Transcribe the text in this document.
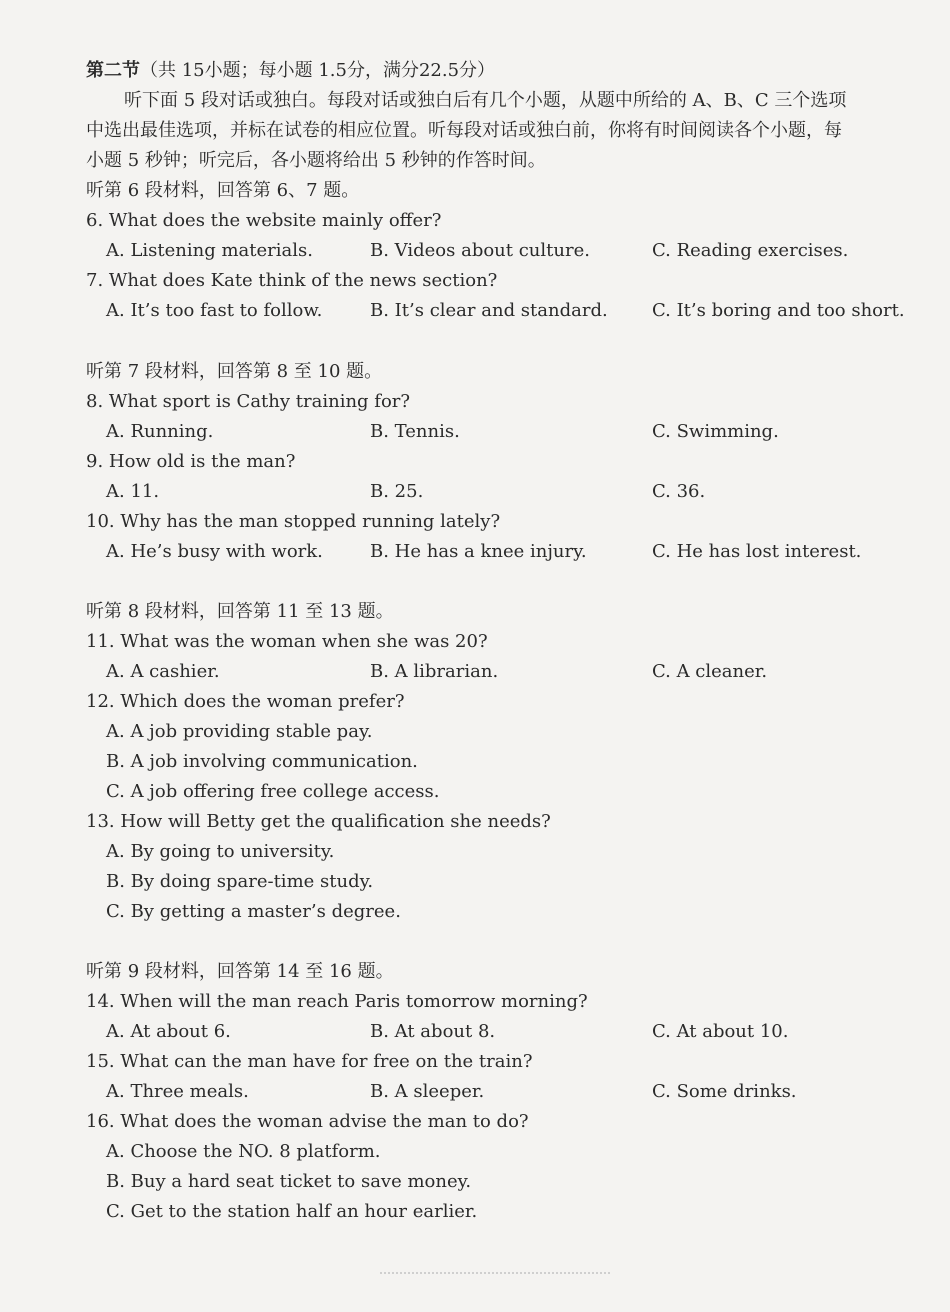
第二节（共 15小题；每小题 1.5分，满分22.5分）
听下面 5 段对话或独白。每段对话或独白后有几个小题，从题中所给的 A、B、C 三个选项
中选出最佳选项，并标在试卷的相应位置。听每段对话或独白前，你将有时间阅读各个小题，每
小题 5 秒钟；听完后，各小题将给出 5 秒钟的作答时间。
听第 6 段材料，回答第 6、7 题。
6. What does the website mainly offer?
A. Listening materials.	B. Videos about culture.	C. Reading exercises.
7. What does Kate think of the news section?
A. It’s too fast to follow.	B. It’s clear and standard. C. It’s boring and too short.
听第 7 段材料，回答第 8 至 10 题。
8. What sport is Cathy training for?
A. Running.	B. Tennis.	C. Swimming.
9. How old is the man?
A. 11.	B. 25.	C. 36.
10. Why has the man stopped running lately?
A. He’s busy with work.	B. He has a knee injury.	C. He has lost interest.
听第 8 段材料，回答第 11 至 13 题。
11. What was the woman when she was 20?
A. A cashier.	B. A librarian.	C. A cleaner.
12. Which does the woman prefer?
A. A job providing stable pay.
B. A job involving communication.
C. A job offering free college access.
13. How will Betty get the qualification she needs?
A. By going to university.
B. By doing spare-time study.
C. By getting a master’s degree.
听第 9 段材料，回答第 14 至 16 题。
14. When will the man reach Paris tomorrow morning?
A. At about 6.	B. At about 8.	C. At about 10.
15. What can the man have for free on the train?
A. Three meals.	B. A sleeper.	C. Some drinks.
16. What does the woman advise the man to do?
A. Choose the NO. 8 platform.
B. Buy a hard seat ticket to save money.
C. Get to the station half an hour earlier.
